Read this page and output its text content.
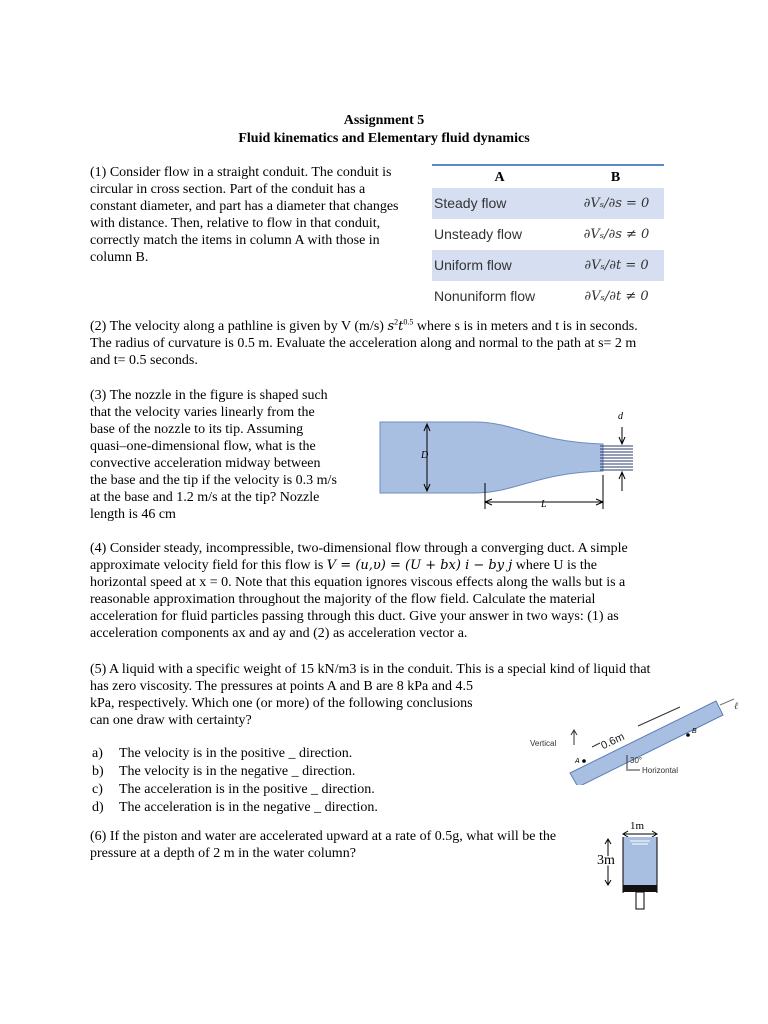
Assignment 5
Fluid kinematics and Elementary fluid dynamics
(1) Consider flow in a straight conduit. The conduit is
circular in cross section. Part of the conduit has a
constant diameter, and part has a diameter that changes
with distance. Then, relative to flow in that conduit,
correctly match the items in column A with those in
column B.
A	B
Steady flow	∂Vₛ/∂s = 0
Unsteady flow	∂Vₛ/∂s ≠ 0
Uniform flow	∂Vₛ/∂t = 0
Nonuniform flow	∂Vₛ/∂t ≠ 0
(2) The velocity along a pathline is given by V (m/s) $s^2t^{0.5}$ where s is in meters and t is in seconds.
The radius of curvature is 0.5 m. Evaluate the acceleration along and normal to the path at s= 2 m
and t= 0.5 seconds.
(3) The nozzle in the figure is shaped such
that the velocity varies linearly from the
base of the nozzle to its tip. Assuming
quasi–one-dimensional flow, what is the
convective acceleration midway between
the base and the tip if the velocity is 0.3 m/s
at the base and 1.2 m/s at the tip? Nozzle
length is 46 cm
D
d
L
(4) Consider steady, incompressible, two-dimensional flow through a converging duct. A simple
approximate velocity field for this flow is V = (u,υ) = (U + bx) i − by j where U is the
horizontal speed at x = 0. Note that this equation ignores viscous effects along the walls but is a
reasonable approximation throughout the majority of the flow field. Calculate the material
acceleration for fluid particles passing through this duct. Give your answer in two ways: (1) as
acceleration components ax and ay and (2) as acceleration vector a.
(5) A liquid with a specific weight of 15 kN/m3 is in the conduit. This is a special kind of liquid that
has zero viscosity. The pressures at points A and B are 8 kPa and 4.5
kPa, respectively. Which one (or more) of the following conclusions
can one draw with certainty?
a) The velocity is in the positive _ direction.
b) The velocity is in the negative _ direction.
c) The acceleration is in the positive _ direction.
d) The acceleration is in the negative _ direction.
ℓ
Vertical	0.6m
A
B
30°
Horizontal
(6) If the piston and water are accelerated upward at a rate of 0.5g, what will be the
pressure at a depth of 2 m in the water column?
1m
3m
